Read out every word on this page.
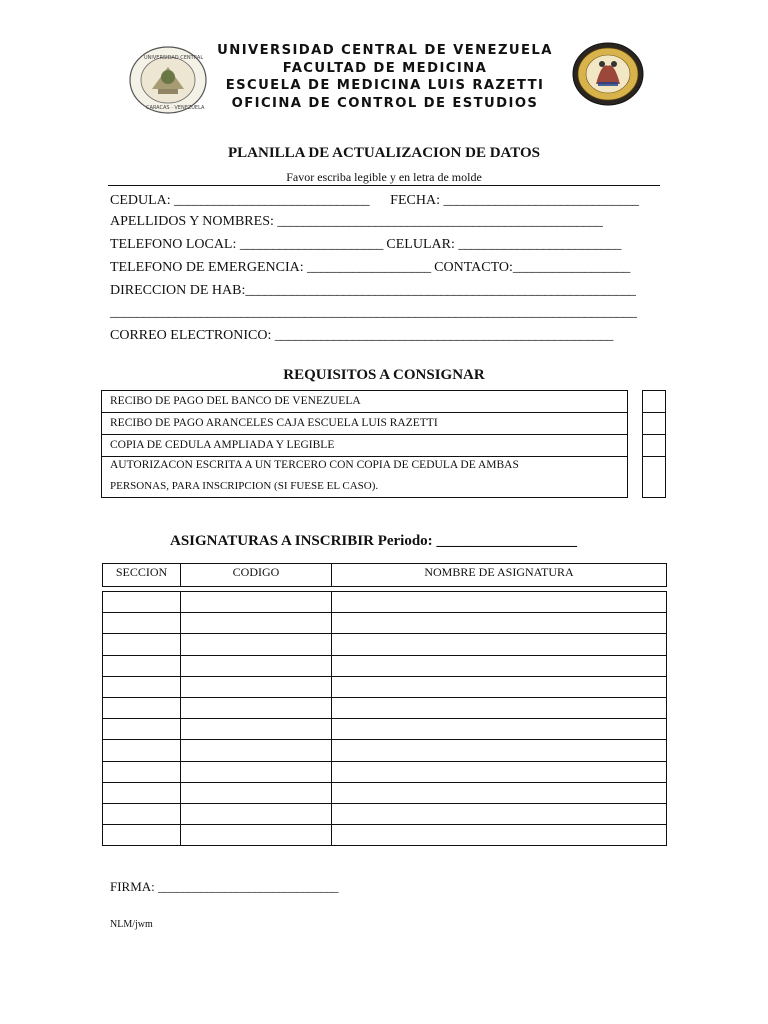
UNIVERSIDAD CENTRAL
CARACAS · VENEZUELA
UNIVERSIDAD CENTRAL DE VENEZUELA
FACULTAD DE MEDICINA
ESCUELA DE MEDICINA LUIS RAZETTI
OFICINA DE CONTROL DE ESTUDIOS
PLANILLA DE ACTUALIZACION DE DATOS
Favor escriba legible y en letra de molde
CEDULA: ______________________________ FECHA: ______________________________
APELLIDOS Y NOMBRES: __________________________________________________
TELEFONO LOCAL: ______________________ CELULAR: _________________________
TELEFONO DE EMERGENCIA: ___________________ CONTACTO:__________________
DIRECCION DE HAB:____________________________________________________________
_________________________________________________________________________________
CORREO ELECTRONICO: ____________________________________________________
REQUISITOS A CONSIGNAR
RECIBO DE PAGO DEL BANCO DE VENEZUELA
RECIBO DE PAGO ARANCELES CAJA ESCUELA LUIS RAZETTI
COPIA DE CEDULA AMPLIADA Y LEGIBLE
AUTORIZACON ESCRITA A UN TERCERO CON COPIA DE CEDULA DE AMBAS
PERSONAS, PARA INSCRIPCION (SI FUESE EL CASO).
ASIGNATURAS A INSCRIBIR Periodo: ____________________
SECCION	CODIGO	NOMBRE DE ASIGNATURA

FIRMA: ______________________________
NLM/jwm
